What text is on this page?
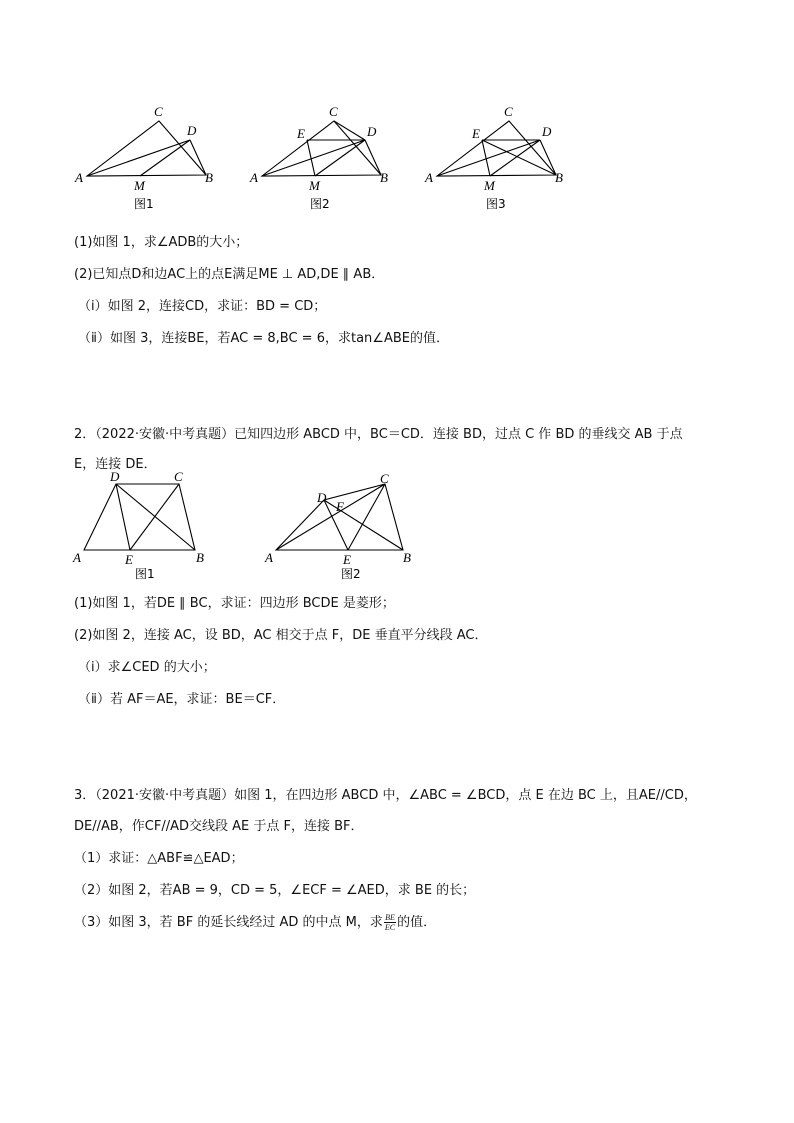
A
C
D
B
M
图1
A
C
E	D
B
M
图2
A
C
E	D
B
M
图3
(1)如图 1，求∠ADB的大小；
(2)已知点D和边AC上的点E满足ME ⊥ AD,DE ∥ AB．
（ⅰ）如图 2，连接CD，求证：BD = CD；
（ⅱ）如图 3，连接BE，若AC = 8,BC = 6，求tan∠ABE的值．
2．（2022·安徽·中考真题）已知四边形 ABCD 中，BC＝CD．连接 BD，过点 C 作 BD 的垂线交 AB 于点
E，连接 DE．
A
D	C
E	B
图1
A
D
F
C
E	B
图2
(1)如图 1，若DE ∥ BC，求证：四边形 BCDE 是菱形；
(2)如图 2，连接 AC，设 BD，AC 相交于点 F，DE 垂直平分线段 AC．
（ⅰ）求∠CED 的大小；
（ⅱ）若 AF＝AE，求证：BE＝CF．
3．（2021·安徽·中考真题）如图 1，在四边形 ABCD 中，∠ABC = ∠BCD，点 E 在边 BC 上，且AE//CD，
DE//AB，作CF//AD交线段 AE 于点 F，连接 BF．
（1）求证：△ABF≌△EAD；
（2）如图 2，若AB = 9，CD = 5，∠ECF = ∠AED，求 BE 的长；
（3）如图 3，若 BF 的延长线经过 AD 的中点 M，求 $\frac{BE}{EC}$ 的值．
